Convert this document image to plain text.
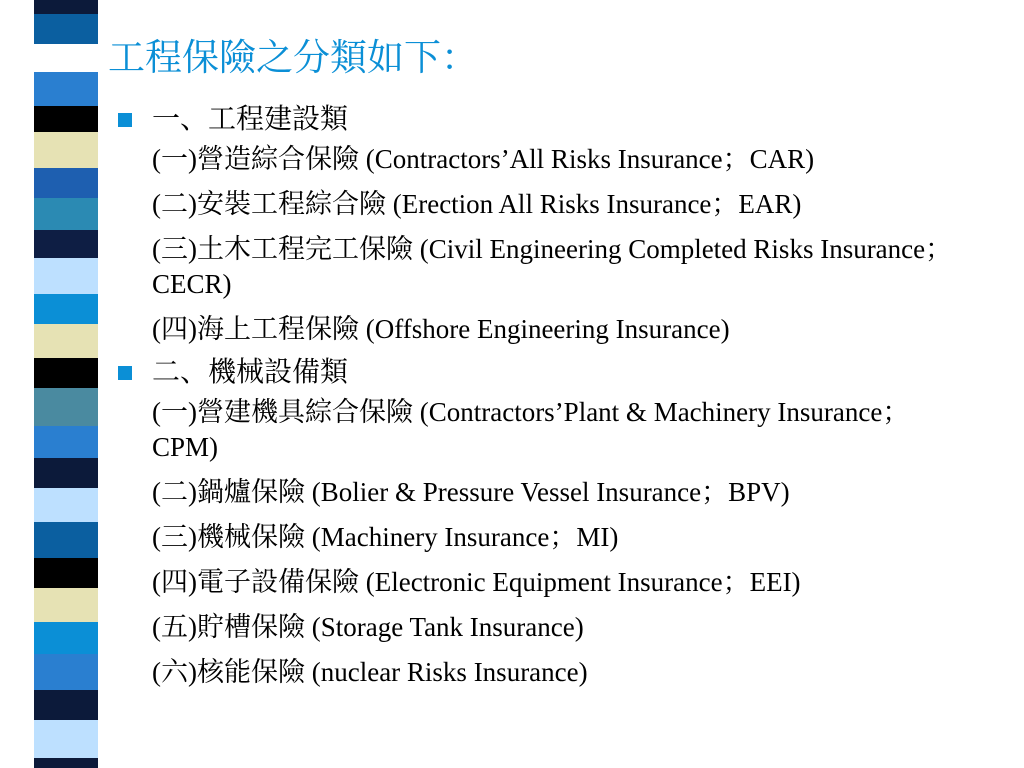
工程保險之分類如下：
一、工程建設類
(一)營造綜合保險 (Contractors’All Risks Insurance；CAR)
(二)安裝工程綜合險 (Erection All Risks Insurance；EAR)
(三)土木工程完工保險 (Civil Engineering Completed Risks Insurance；CECR)
(四)海上工程保險 (Offshore Engineering Insurance)
二、機械設備類
(一)營建機具綜合保險 (Contractors’Plant & Machinery Insurance；CPM)
(二)鍋爐保險 (Bolier & Pressure Vessel Insurance；BPV)
(三)機械保險 (Machinery Insurance；MI)
(四)電子設備保險 (Electronic Equipment Insurance；EEI)
(五)貯槽保險 (Storage Tank Insurance)
(六)核能保險 (nuclear Risks Insurance)
